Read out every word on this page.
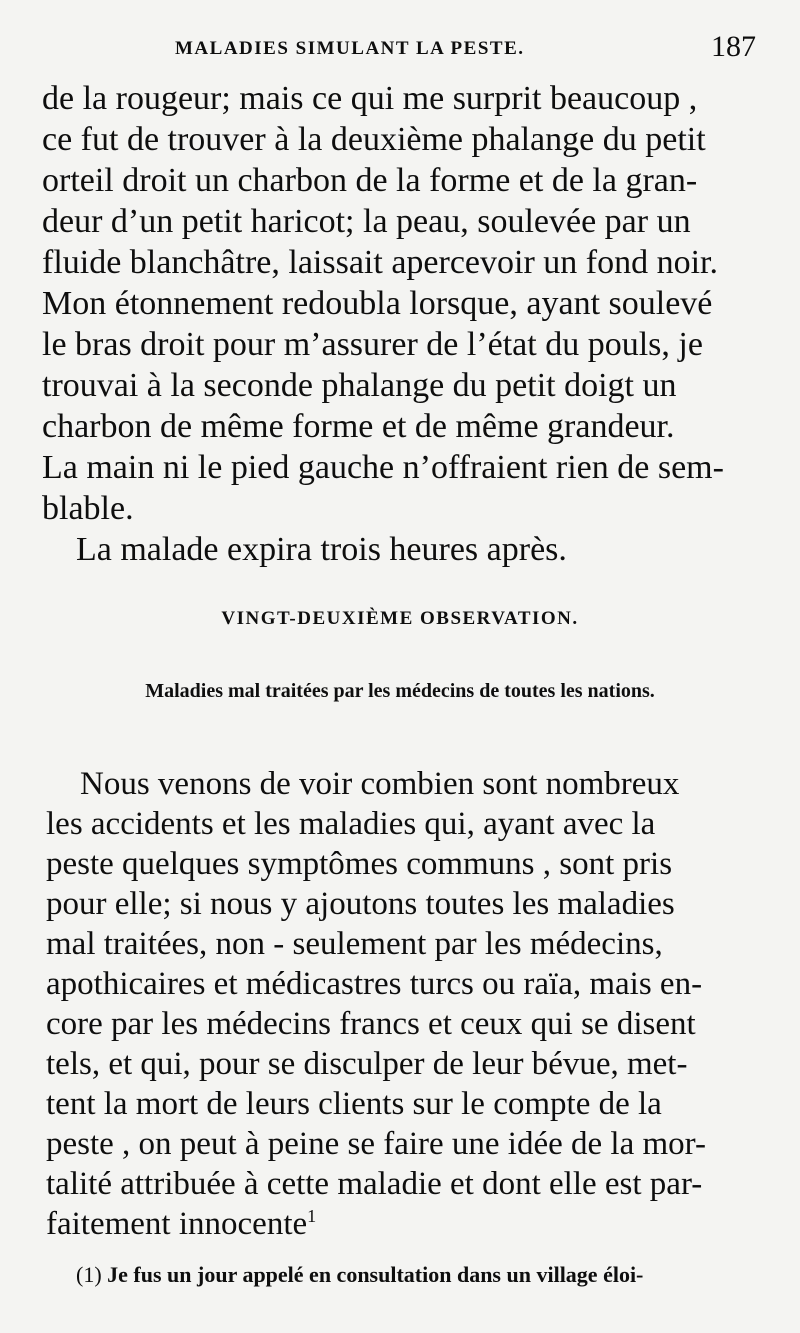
MALADIES SIMULANT LA PESTE.	187
de la rougeur; mais ce qui me surprit beaucoup ,
ce fut de trouver à la deuxième phalange du petit
orteil droit un charbon de la forme et de la gran-
deur d’un petit haricot; la peau, soulevée par un
fluide blanchâtre, laissait apercevoir un fond noir.
Mon étonnement redoubla lorsque, ayant soulevé
le bras droit pour m’assurer de l’état du pouls, je
trouvai à la seconde phalange du petit doigt un
charbon de même forme et de même grandeur.
La main ni le pied gauche n’offraient rien de sem-
blable.
La malade expira trois heures après.
VINGT-DEUXIÈME OBSERVATION.
Maladies mal traitées par les médecins de toutes les nations.
Nous venons de voir combien sont nombreux
les accidents et les maladies qui, ayant avec la
peste quelques symptômes communs , sont pris
pour elle; si nous y ajoutons toutes les maladies
mal traitées, non - seulement par les médecins,
apothicaires et médicastres turcs ou raïa, mais en-
core par les médecins francs et ceux qui se disent
tels, et qui, pour se disculper de leur bévue, met-
tent la mort de leurs clients sur le compte de la
peste , on peut à peine se faire une idée de la mor-
talité attribuée à cette maladie et dont elle est par-
faitement innocente$^1$
(1) Je fus un jour appelé en consultation dans un village éloi-
